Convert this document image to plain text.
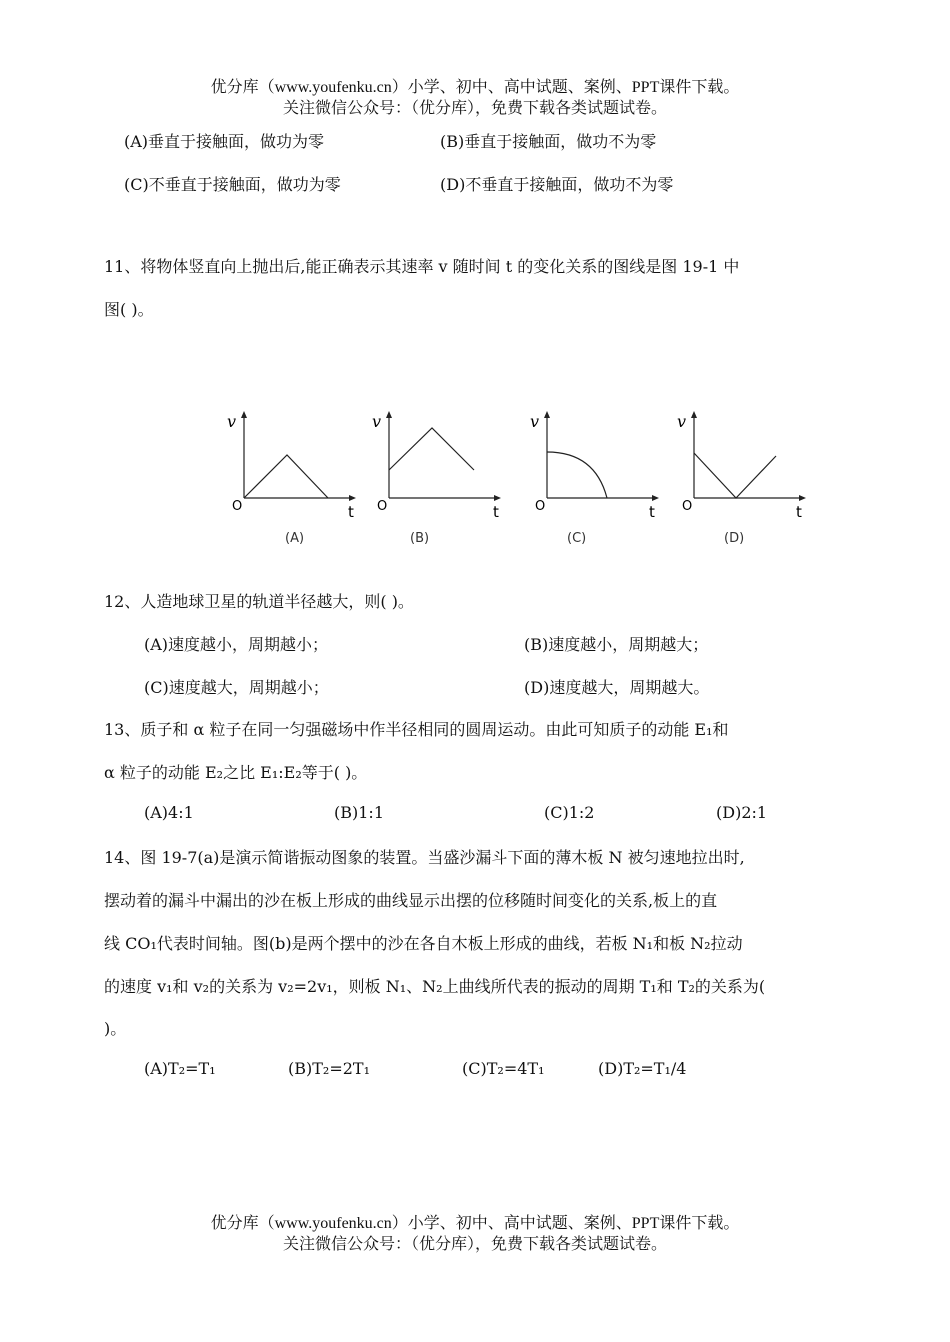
优分库（www.youfenku.cn）小学、初中、高中试题、案例、PPT课件下载。
关注微信公众号：（优分库），免费下载各类试题试卷。
(A)垂直于接触面，做功为零	(B)垂直于接触面，做功不为零
(C)不垂直于接触面，做功为零	(D)不垂直于接触面，做功不为零
11、将物体竖直向上抛出后,能正确表示其速率 v 随时间 t 的变化关系的图线是图 19-1 中
图( )。
v
O	t
(A)
v
O	t
(B)
v
O	t
(C)
v
O	t
(D)
12、人造地球卫星的轨道半径越大，则( )。
(A)速度越小，周期越小；	(B)速度越小，周期越大；
(C)速度越大，周期越小；	(D)速度越大，周期越大。
13、质子和 α 粒子在同一匀强磁场中作半径相同的圆周运动。由此可知质子的动能 E₁和
α 粒子的动能 E₂之比 E₁:E₂等于( )。
(A)4:1	(B)1:1	(C)1:2	(D)2:1
14、图 19-7(a)是演示简谐振动图象的装置。当盛沙漏斗下面的薄木板 N 被匀速地拉出时,
摆动着的漏斗中漏出的沙在板上形成的曲线显示出摆的位移随时间变化的关系,板上的直
线 CO₁代表时间轴。图(b)是两个摆中的沙在各自木板上形成的曲线，若板 N₁和板 N₂拉动
的速度 v₁和 v₂的关系为 v₂=2v₁，则板 N₁、N₂上曲线所代表的振动的周期 T₁和 T₂的关系为(
)。
(A)T₂=T₁	(B)T₂=2T₁	(C)T₂=4T₁	(D)T₂=T₁/4
优分库（www.youfenku.cn）小学、初中、高中试题、案例、PPT课件下载。
关注微信公众号：（优分库），免费下载各类试题试卷。
